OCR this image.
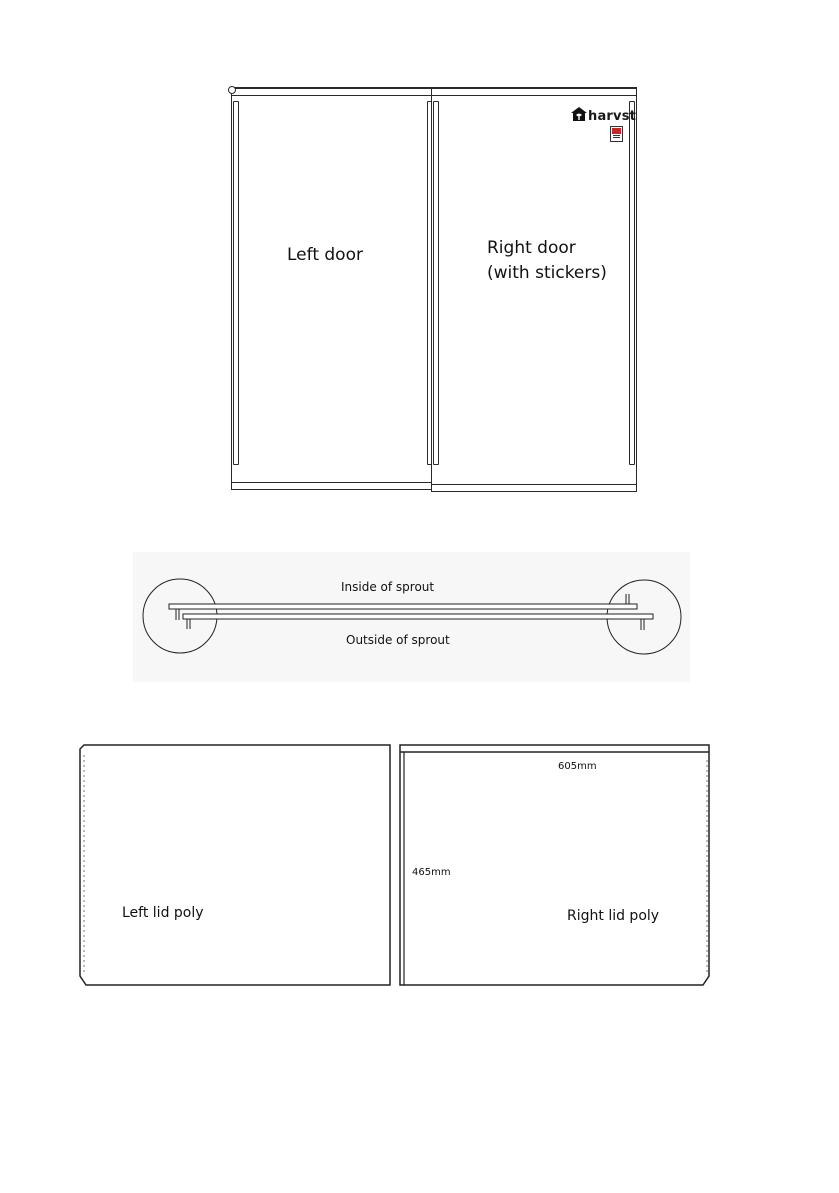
harvst
Left door	Right door
(with stickers)
Inside of sprout
Outside of sprout
Left lid poly	Right lid poly
605mm
465mm
